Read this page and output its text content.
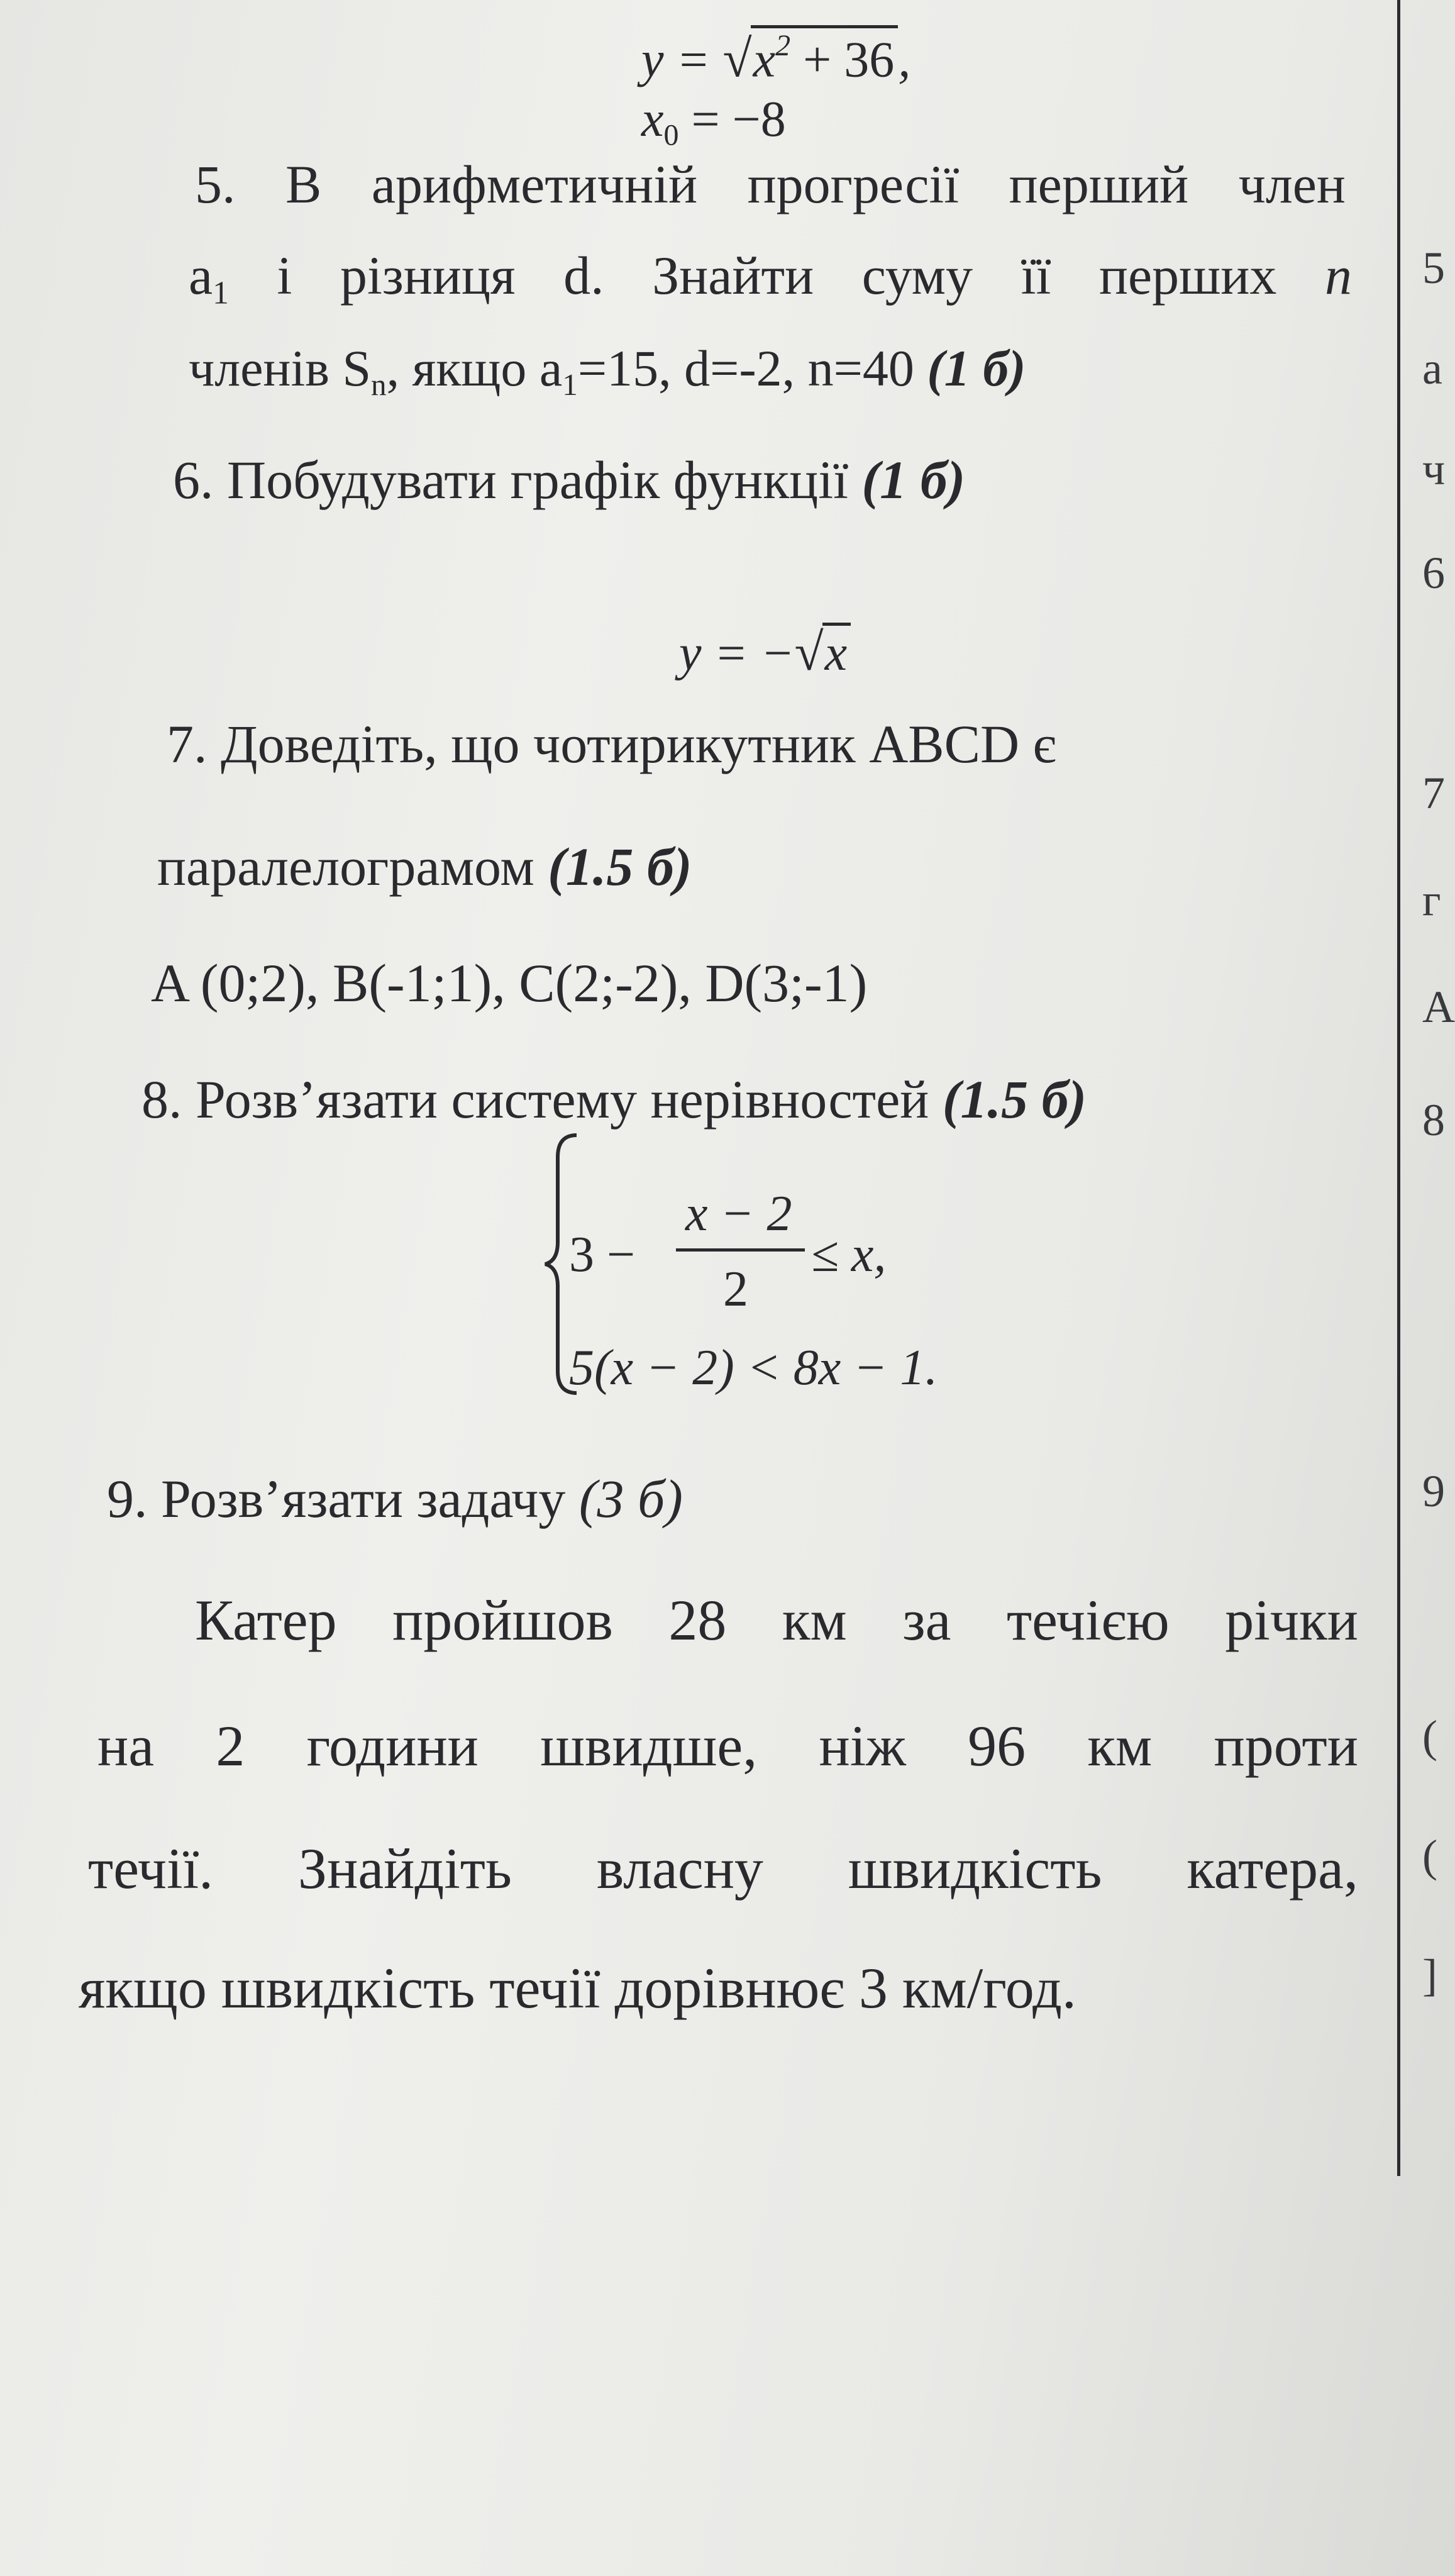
$y = √x^2 + 36$,
$x_0 = -8$
5. В арифметичній прогресії перший член
$a_1$ і різниця d. Знайти суму її перших n
членів $S_n$, якщо $a_1=15$, d=-2, n=40 (1 б)
6. Побудувати графік функції (1 б)
y = −√x
7. Доведіть, що чотирикутник ABCD є
паралелограмом (1.5 б)
A (0;2), B(-1;1), C(2;-2), D(3;-1)
8. Розв’язати систему нерівностей (1.5 б)
3 −
x − 2
2
≤ x,
5(x − 2) < 8x − 1.
9. Розв’язати задачу (3 б)
Катер пройшов 28 км за течією річки
на 2 години швидше, ніж 96 км проти
течії. Знайдіть власну швидкість катера,
якщо швидкість течії дорівнює 3 км/год.
5
а
ч
6
7
г
А
8
9
(
(
]
